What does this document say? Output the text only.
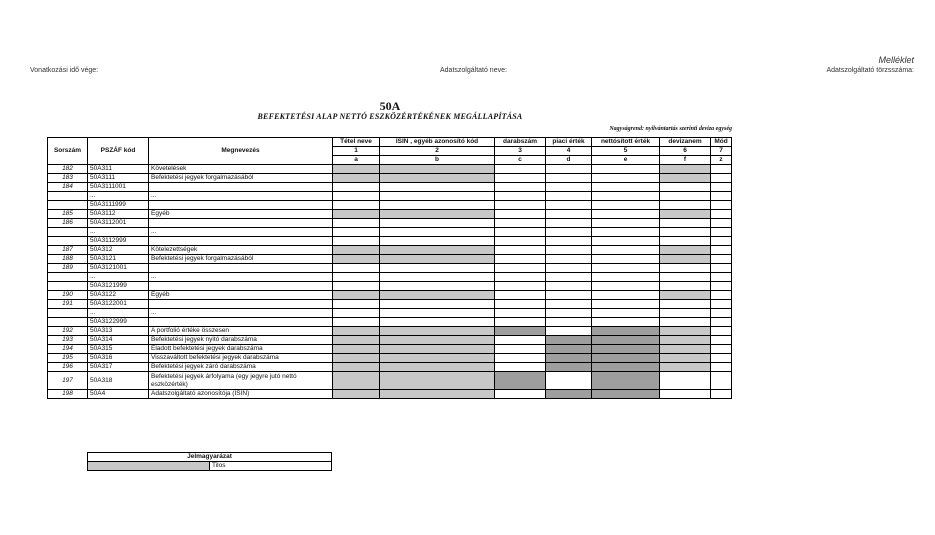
Melléklet
Vonatkozási idő vége:	Adatszolgáltató neve:	Adatszolgáltató törzsszáma:
50A
BEFEKTETÉSI ALAP NETTÓ ESZKÖZÉRTÉKÉNEK MEGÁLLAPÍTÁSA
Nagyságrend: nyilvántartás szerinti deviza egység
Sorszám	PSZÁF kód	Megnevezés	Tétel neve	ISIN , egyéb azonosító kód	darabszám	piaci érték	nettósított érték	devizanem	Mód
			1	2	3	4	5	6	7
			a	b	c	d	e	f	z
182	50A311	Követelések							
183	50A3111	Befektetési jegyek forgalmazásából							
184	50A3111001								
	...	...							
	50A3111999								
185	50A3112	Egyéb							
186	50A3112001								
	...	...							
	50A3112999								
187	50A312	Kötelezettségek							
188	50A3121	Befektetési jegyek forgalmazásából							
189	50A3121001								
	...	...							
	50A3121999								
190	50A3122	Egyéb							
191	50A3122001								
	...	...							
	50A3122999								
192	50A313	A portfolió értéke összesen							
193	50A314	Befektetési jegyek nyitó darabszáma							
194	50A315	Eladott befektetési jegyek darabszáma							
195	50A316	Visszaváltott befektetési jegyek darabszáma							
196	50A317	Befektetési jegyek záró darabszáma							
197	50A318	Befektetési jegyek árfolyama (egy jegyre jutó nettó eszközérték)							
198	50A4	Adatszolgáltató azonosítója (ISIN)							
Jelmagyarázat
	Tilos
